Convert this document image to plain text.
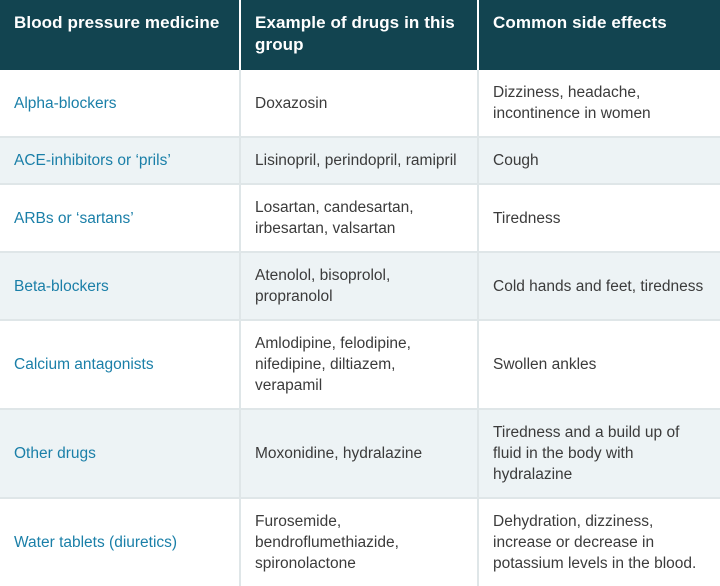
Blood pressure medicine	Example of drugs in this group	Common side effects
Alpha-blockers	Doxazosin	Dizziness, headache, incontinence in women
ACE-inhibitors or ‘prils’	Lisinopril, perindopril, ramipril	Cough
ARBs or ‘sartans’	Losartan, candesartan, irbesartan, valsartan	Tiredness
Beta-blockers	Atenolol, bisoprolol, propranolol	Cold hands and feet, tiredness
Calcium antagonists	Amlodipine, felodipine, nifedipine, diltiazem, verapamil	Swollen ankles
Other drugs	Moxonidine, hydralazine	Tiredness and a build up of fluid in the body with hydralazine
Water tablets (diuretics)	Furosemide, bendroflumethiazide, spironolactone	Dehydration, dizziness, increase or decrease in potassium levels in the blood.
